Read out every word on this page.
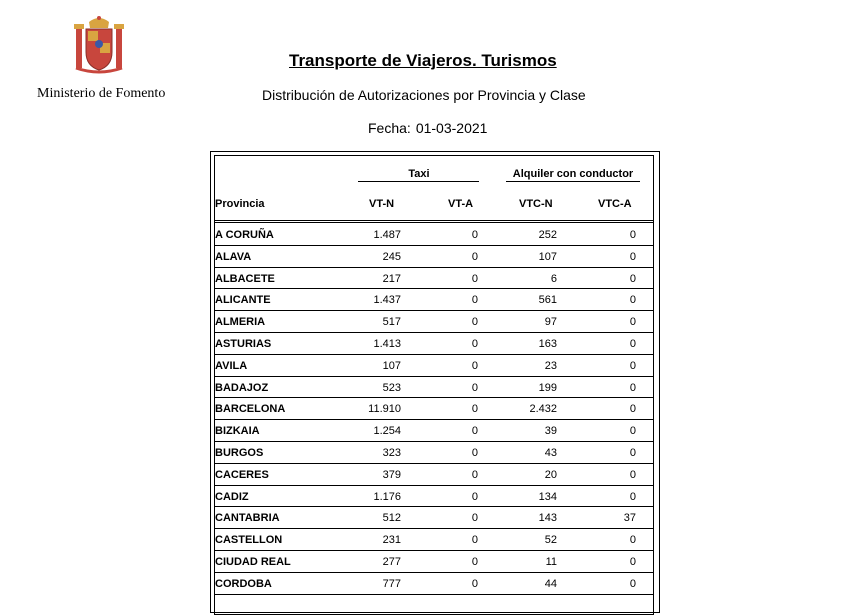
Ministerio de Fomento
Transporte de Viajeros. Turismos
Distribución de Autorizaciones por Provincia y Clase
Fecha: 01-03-2021
Taxi	Alquiler con conductor
Provincia	VT-N	VT-A	VTC-N	VTC-A
A CORUÑA	1.487	0	252	0
ALAVA	245	0	107	0
ALBACETE	217	0	6	0
ALICANTE	1.437	0	561	0
ALMERIA	517	0	97	0
ASTURIAS	1.413	0	163	0
AVILA	107	0	23	0
BADAJOZ	523	0	199	0
BARCELONA	11.910	0	2.432	0
BIZKAIA	1.254	0	39	0
BURGOS	323	0	43	0
CACERES	379	0	20	0
CADIZ	1.176	0	134	0
CANTABRIA	512	0	143	37
CASTELLON	231	0	52	0
CIUDAD REAL	277	0	11	0
CORDOBA	777	0	44	0
